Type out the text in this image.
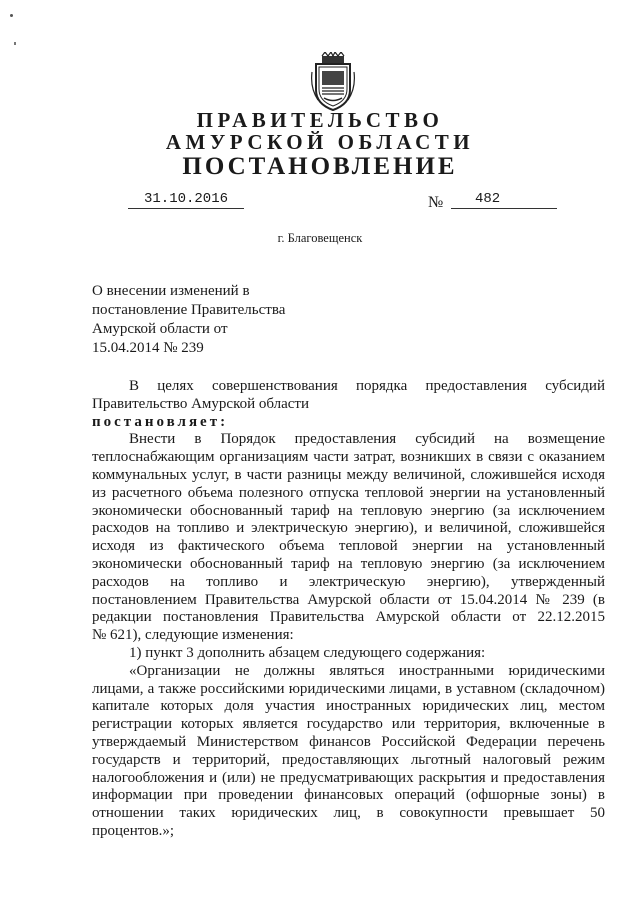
ПРАВИТЕЛЬСТВО
АМУРСКОЙ ОБЛАСТИ
ПОСТАНОВЛЕНИЕ
31.10.2016	№	482
г. Благовещенск
О внесении изменений в
постановление Правительства
Амурской области от
15.04.2014 № 239
В целях совершенствования порядка предоставления субсидий
Правительство Амурской области
постановляет:
Внести в Порядок предоставления субсидий на возмещение
теплоснабжающим организациям части затрат, возникших в связи с оказанием
коммунальных услуг, в части разницы между величиной, сложившейся исходя
из расчетного объема полезного отпуска тепловой энергии на установленный
экономически обоснованный тариф на тепловую энергию (за исключением
расходов на топливо и электрическую энергию), и величиной, сложившейся
исходя из фактического объема тепловой энергии на установленный
экономически обоснованный тариф на тепловую энергию (за исключением
расходов на топливо и электрическую энергию), утвержденный
постановлением Правительства Амурской области от 15.04.2014 № 239 (в
редакции постановления Правительства Амурской области от 22.12.2015
№ 621), следующие изменения:
1) пункт 3 дополнить абзацем следующего содержания:
«Организации не должны являться иностранными юридическими
лицами, а также российскими юридическими лицами, в уставном (складочном)
капитале которых доля участия иностранных юридических лиц, местом
регистрации которых является государство или территория, включенные в
утверждаемый Министерством финансов Российской Федерации перечень
государств и территорий, предоставляющих льготный налоговый режим
налогообложения и (или) не предусматривающих раскрытия и предоставления
информации при проведении финансовых операций (офшорные зоны) в
отношении таких юридических лиц, в совокупности превышает 50
процентов.»;
